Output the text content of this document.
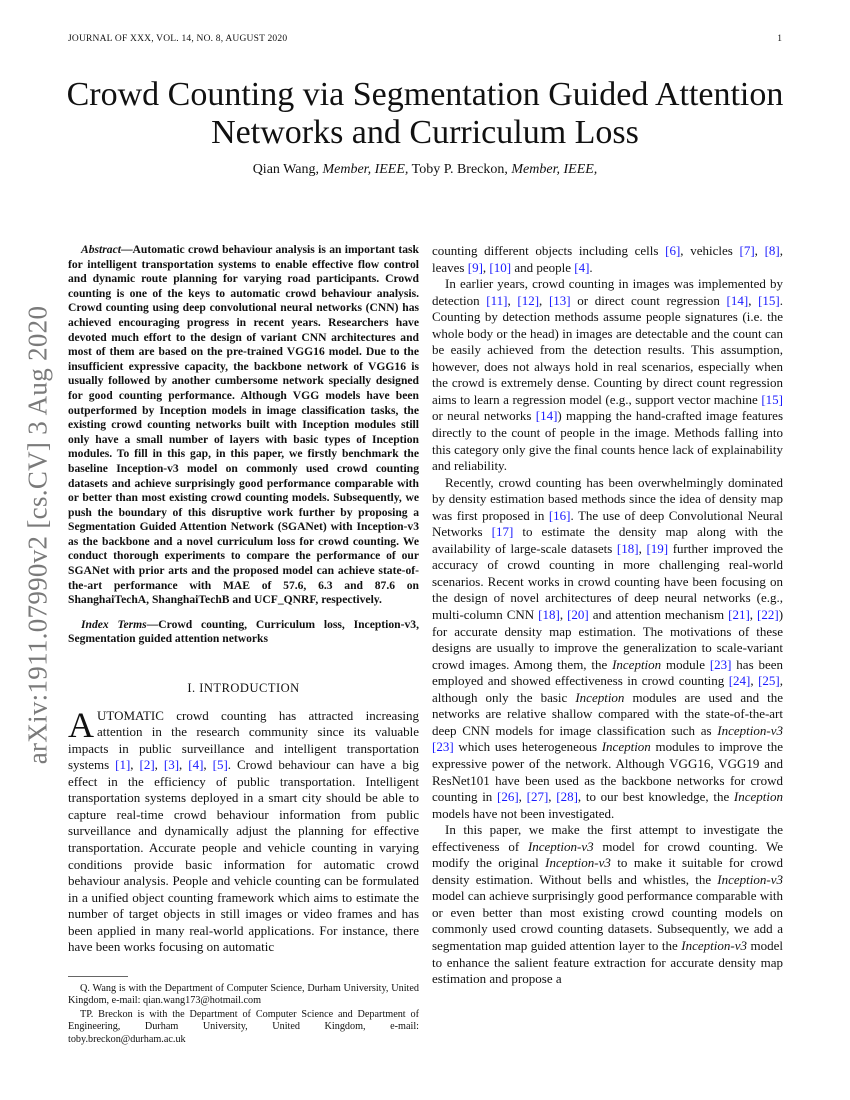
JOURNAL OF XXX, VOL. 14, NO. 8, AUGUST 2020	1
arXiv:1911.07990v2 [cs.CV] 3 Aug 2020
Crowd Counting via Segmentation Guided Attention Networks and Curriculum Loss
Qian Wang, Member, IEEE, Toby P. Breckon, Member, IEEE,

Abstract—Automatic crowd behaviour analysis is an important task for intelligent transportation systems to enable effective flow control and dynamic route planning for varying road participants. Crowd counting is one of the keys to automatic crowd behaviour analysis. Crowd counting using deep convolutional neural networks (CNN) has achieved encouraging progress in recent years. Researchers have devoted much effort to the design of variant CNN architectures and most of them are based on the pre-trained VGG16 model. Due to the insufficient expressive capacity, the backbone network of VGG16 is usually followed by another cumbersome network specially designed for good counting performance. Although VGG models have been outperformed by Inception models in image classification tasks, the existing crowd counting networks built with Inception modules still only have a small number of layers with basic types of Inception modules. To fill in this gap, in this paper, we firstly benchmark the baseline Inception-v3 model on commonly used crowd counting datasets and achieve surprisingly good performance comparable with or better than most existing crowd counting models. Subsequently, we push the boundary of this disruptive work further by proposing a Segmentation Guided Attention Network (SGANet) with Inception-v3 as the backbone and a novel curriculum loss for crowd counting. We conduct thorough experiments to compare the performance of our SGANet with prior arts and the proposed model can achieve state-of-the-art performance with MAE of 57.6, 6.3 and 87.6 on ShanghaiTechA, ShanghaiTechB and UCF_QNRF, respectively.

Index Terms—Crowd counting, Curriculum loss, Inception-v3, Segmentation guided attention networks

I. INTRODUCTION

AUTOMATIC crowd counting has attracted increasing attention in the research community since its valuable impacts in public surveillance and intelligent transportation systems [1], [2], [3], [4], [5]. Crowd behaviour can have a big effect in the efficiency of public transportation. Intelligent transportation systems deployed in a smart city should be able to capture real-time crowd behaviour information from public surveillance and dynamically adjust the planning for effective transportation. Accurate people and vehicle counting in varying conditions provide basic information for automatic crowd behaviour analysis. People and vehicle counting can be formulated in a unified object counting framework which aims to estimate the number of target objects in still images or video frames and has been applied in many real-world applications. For instance, there have been works focusing on automatic

counting different objects including cells [6], vehicles [7], [8], leaves [9], [10] and people [4].

In earlier years, crowd counting in images was implemented by detection [11], [12], [13] or direct count regression [14], [15]. Counting by detection methods assume people signatures (i.e. the whole body or the head) in images are detectable and the count can be easily achieved from the detection results. This assumption, however, does not always hold in real scenarios, especially when the crowd is extremely dense. Counting by direct count regression aims to learn a regression model (e.g., support vector machine [15] or neural networks [14]) mapping the hand-crafted image features directly to the count of people in the image. Methods falling into this category only give the final counts hence lack of explainability and reliability.

Recently, crowd counting has been overwhelmingly dominated by density estimation based methods since the idea of density map was first proposed in [16]. The use of deep Convolutional Neural Networks [17] to estimate the density map along with the availability of large-scale datasets [18], [19] further improved the accuracy of crowd counting in more challenging real-world scenarios. Recent works in crowd counting have been focusing on the design of novel architectures of deep neural networks (e.g., multi-column CNN [18], [20] and attention mechanism [21], [22]) for accurate density map estimation. The motivations of these designs are usually to improve the generalization to scale-variant crowd images. Among them, the Inception module [23] has been employed and showed effectiveness in crowd counting [24], [25], although only the basic Inception modules are used and the networks are relative shallow compared with the state-of-the-art deep CNN models for image classification such as Inception-v3 [23] which uses heterogeneous Inception modules to improve the expressive power of the network. Although VGG16, VGG19 and ResNet101 have been used as the backbone networks for crowd counting in [26], [27], [28], to our best knowledge, the Inception models have not been investigated.

In this paper, we make the first attempt to investigate the effectiveness of Inception-v3 model for crowd counting. We modify the original Inception-v3 to make it suitable for crowd density estimation. Without bells and whistles, the Inception-v3 model can achieve surprisingly good performance comparable with or even better than most existing crowd counting models on commonly used crowd counting datasets. Subsequently, we add a segmentation map guided attention layer to the Inception-v3 model to enhance the salient feature extraction for accurate density map estimation and propose a

Q. Wang is with the Department of Computer Science, Durham University, United Kingdom, e-mail: qian.wang173@hotmail.com

TP. Breckon is with the Department of Computer Science and Department of Engineering, Durham University, United Kingdom, e-mail: toby.breckon@durham.ac.uk
